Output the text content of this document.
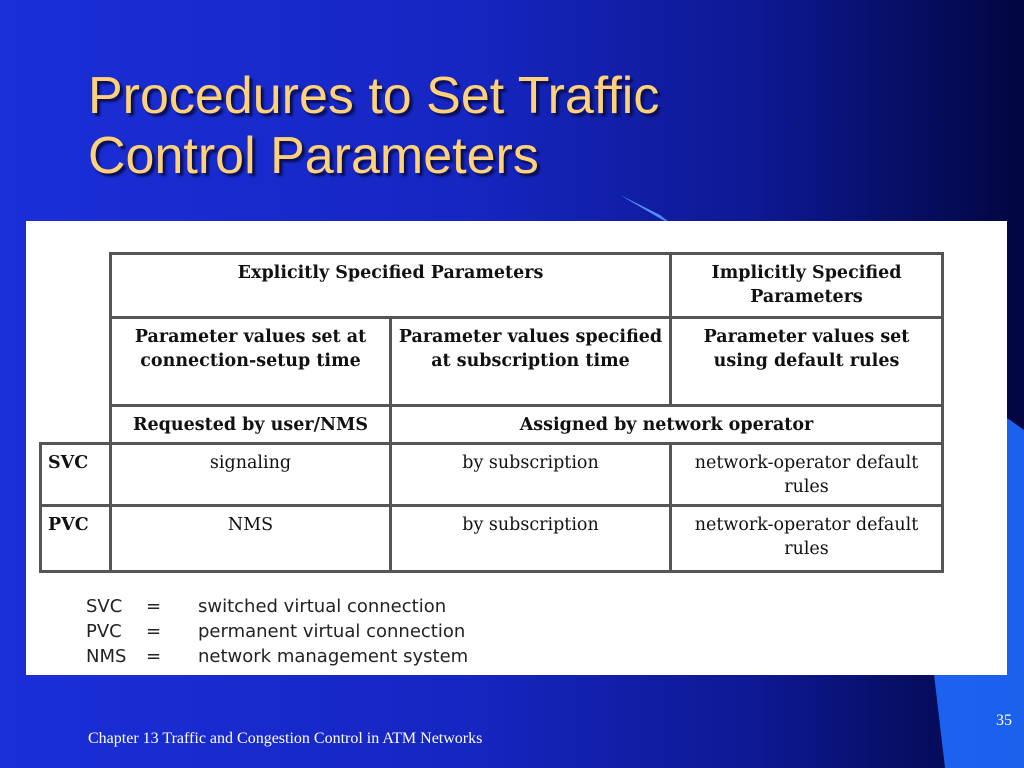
Procedures to Set Traffic
Control Parameters
	Explicitly Specified Parameters		Implicitly Specified Parameters
	Parameter values set at connection-setup time	Parameter values specified at subscription time	Parameter values set using default rules
	Requested by user/NMS	Assigned by network operator	
SVC	signaling	by subscription	network-operator default rules
PVC	NMS	by subscription	network-operator default rules
SVC	=	switched virtual connection
PVC	=	permanent virtual connection
NMS	=	network management system
Chapter 13 Traffic and Congestion Control in ATM Networks
35
